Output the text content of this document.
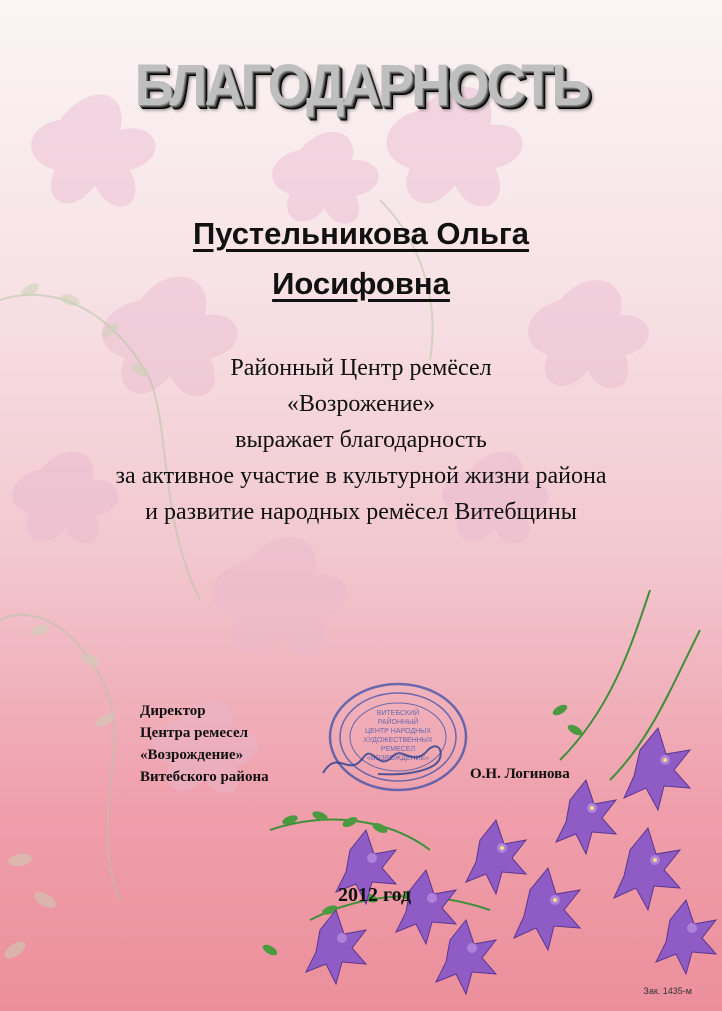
БЛАГОДАРНОСТЬ
Пустельникова Ольга
Иосифовна
Районный Центр ремёсел
«Возрожение»
выражает благодарность
за активное участие в культурной жизни района
и развитие народных ремёсел Витебщины
Директор
Центра ремесел
«Возрождение»
Витебского района
ВИТЕБСКИЙ
РАЙОННЫЙ
ЦЕНТР НАРОДНЫХ
ХУДОЖЕСТВЕННЫХ
РЕМЕСЕЛ
«ВОЗРОЖДЕНИЕ»
О.Н. Логинова
2012 год
Зак. 1435-м
